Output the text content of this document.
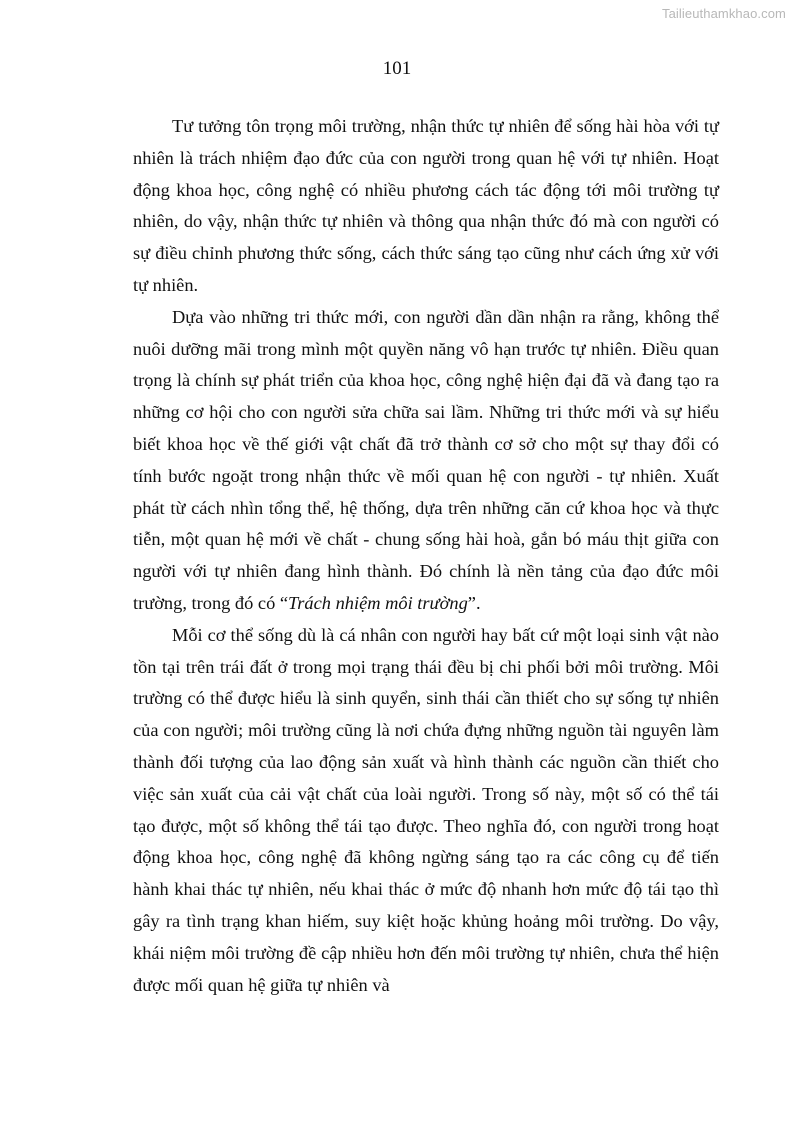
Tailieuthamkhao.com
101

Tư tưởng tôn trọng môi trường, nhận thức tự nhiên để sống hài hòa với tự nhiên là trách nhiệm đạo đức của con người trong quan hệ với tự nhiên. Hoạt động khoa học, công nghệ có nhiều phương cách tác động tới môi trường tự nhiên, do vậy, nhận thức tự nhiên và thông qua nhận thức đó mà con người có sự điều chỉnh phương thức sống, cách thức sáng tạo cũng như cách ứng xử với tự nhiên.

Dựa vào những tri thức mới, con người dần dần nhận ra rằng, không thể nuôi dưỡng mãi trong mình một quyền năng vô hạn trước tự nhiên. Điều quan trọng là chính sự phát triển của khoa học, công nghệ hiện đại đã và đang tạo ra những cơ hội cho con người sửa chữa sai lầm. Những tri thức mới và sự hiểu biết khoa học về thế giới vật chất đã trở thành cơ sở cho một sự thay đổi có tính bước ngoặt trong nhận thức về mối quan hệ con người - tự nhiên. Xuất phát từ cách nhìn tổng thể, hệ thống, dựa trên những căn cứ khoa học và thực tiễn, một quan hệ mới về chất - chung sống hài hoà, gắn bó máu thịt giữa con người với tự nhiên đang hình thành. Đó chính là nền tảng của đạo đức môi trường, trong đó có “Trách nhiệm môi trường”.

Mỗi cơ thể sống dù là cá nhân con người hay bất cứ một loại sinh vật nào tồn tại trên trái đất ở trong mọi trạng thái đều bị chi phối bởi môi trường. Môi trường có thể được hiểu là sinh quyển, sinh thái cần thiết cho sự sống tự nhiên của con người; môi trường cũng là nơi chứa đựng những nguồn tài nguyên làm thành đối tượng của lao động sản xuất và hình thành các nguồn cần thiết cho việc sản xuất của cải vật chất của loài người. Trong số này, một số có thể tái tạo được, một số không thể tái tạo được. Theo nghĩa đó, con người trong hoạt động khoa học, công nghệ đã không ngừng sáng tạo ra các công cụ để tiến hành khai thác tự nhiên, nếu khai thác ở mức độ nhanh hơn mức độ tái tạo thì gây ra tình trạng khan hiếm, suy kiệt hoặc khủng hoảng môi trường. Do vậy, khái niệm môi trường đề cập nhiều hơn đến môi trường tự nhiên, chưa thể hiện được mối quan hệ giữa tự nhiên và
